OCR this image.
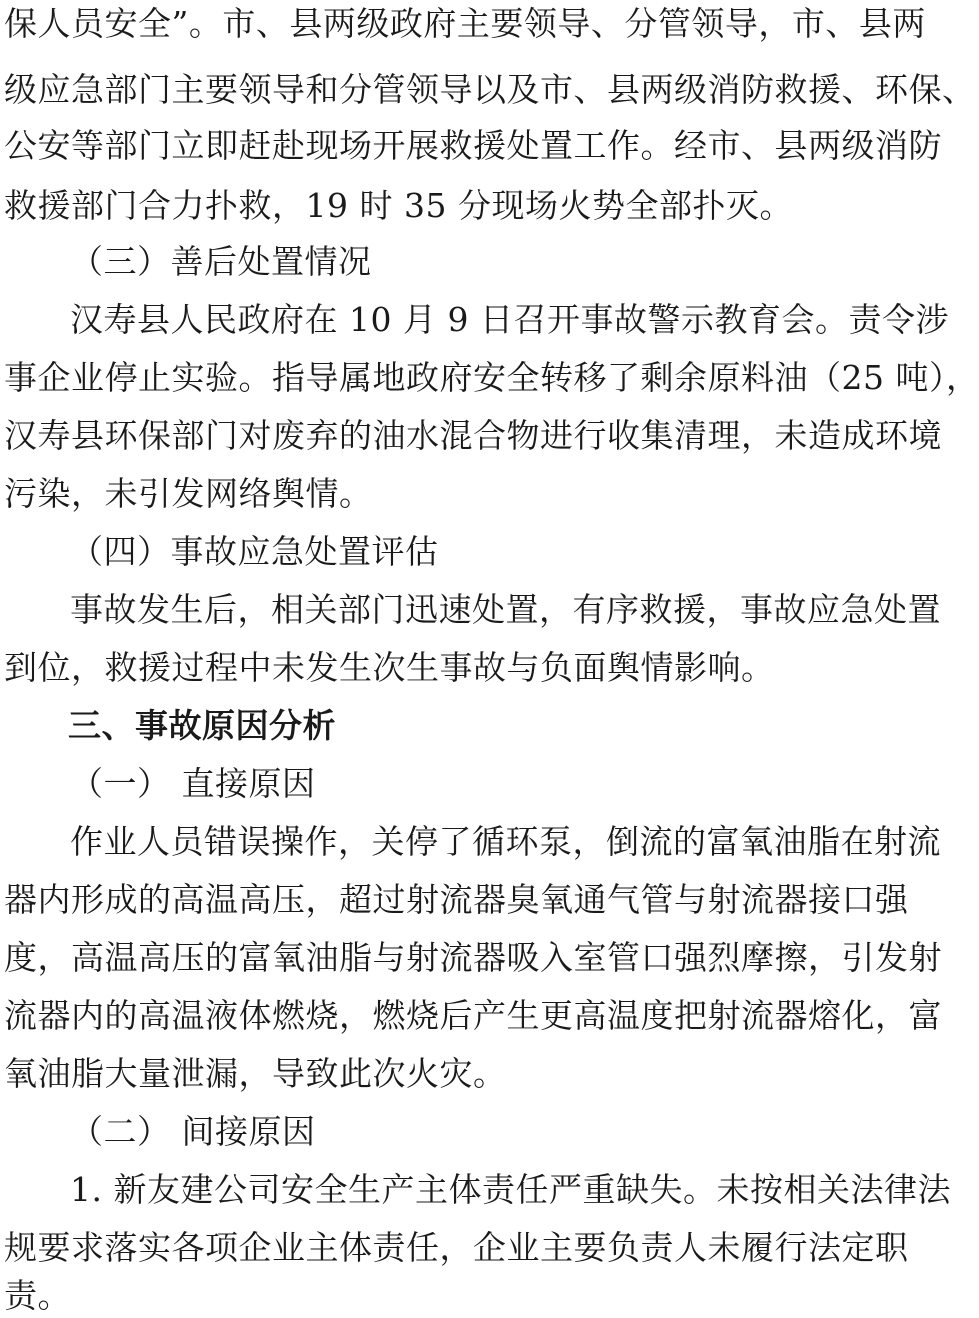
保人员安全”。市、县两级政府主要领导、分管领导，市、县两
级应急部门主要领导和分管领导以及市、县两级消防救援、环保、
公安等部门立即赶赴现场开展救援处置工作。经市、县两级消防
救援部门合力扑救，19 时 35 分现场火势全部扑灭。
（三）善后处置情况
汉寿县人民政府在 10 月 9 日召开事故警示教育会。责令涉
事企业停止实验。指导属地政府安全转移了剩余原料油（25 吨），
汉寿县环保部门对废弃的油水混合物进行收集清理，未造成环境
污染，未引发网络舆情。
（四）事故应急处置评估
事故发生后，相关部门迅速处置，有序救援，事故应急处置
到位，救援过程中未发生次生事故与负面舆情影响。
三、事故原因分析
（一） 直接原因
作业人员错误操作，关停了循环泵，倒流的富氧油脂在射流
器内形成的高温高压，超过射流器臭氧通气管与射流器接口强
度，高温高压的富氧油脂与射流器吸入室管口强烈摩擦，引发射
流器内的高温液体燃烧，燃烧后产生更高温度把射流器熔化，富
氧油脂大量泄漏，导致此次火灾。
（二） 间接原因
1. 新友建公司安全生产主体责任严重缺失。未按相关法律法
规要求落实各项企业主体责任，企业主要负责人未履行法定职
责。
